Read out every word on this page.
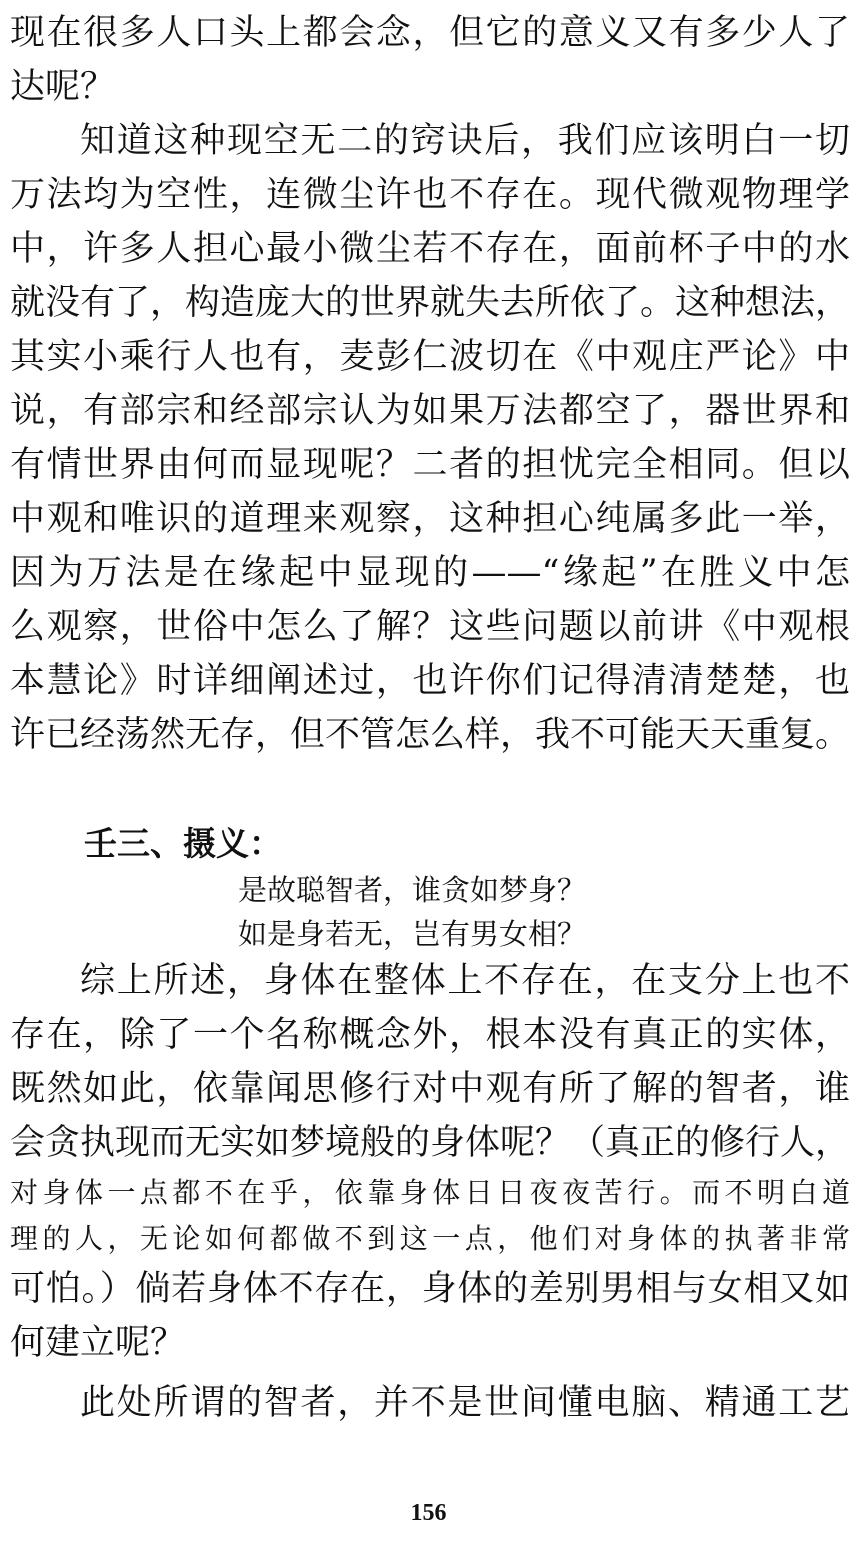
现在很多人口头上都会念，但它的意义又有多少人了
达呢？
知道这种现空无二的窍诀后，我们应该明白一切
万法均为空性，连微尘许也不存在。现代微观物理学
中，许多人担心最小微尘若不存在，面前杯子中的水
就没有了，构造庞大的世界就失去所依了。这种想法，
其实小乘行人也有，麦彭仁波切在《中观庄严论》中
说，有部宗和经部宗认为如果万法都空了，器世界和
有情世界由何而显现呢？二者的担忧完全相同。但以
中观和唯识的道理来观察，这种担心纯属多此一举，
因为万法是在缘起中显现的——“缘起”在胜义中怎
么观察，世俗中怎么了解？这些问题以前讲《中观根
本慧论》时详细阐述过，也许你们记得清清楚楚，也
许已经荡然无存，但不管怎么样，我不可能天天重复。
壬三、摄义：
是故聪智者，谁贪如梦身？
如是身若无，岂有男女相？
综上所述，身体在整体上不存在，在支分上也不
存在，除了一个名称概念外，根本没有真正的实体，
既然如此，依靠闻思修行对中观有所了解的智者，谁
会贪执现而无实如梦境般的身体呢？（真正的修行人，
对身体一点都不在乎，依靠身体日日夜夜苦行。而不明白道
理的人，无论如何都做不到这一点，他们对身体的执著非常
可怕。）倘若身体不存在，身体的差别男相与女相又如
何建立呢？
此处所谓的智者，并不是世间懂电脑、精通工艺
156
